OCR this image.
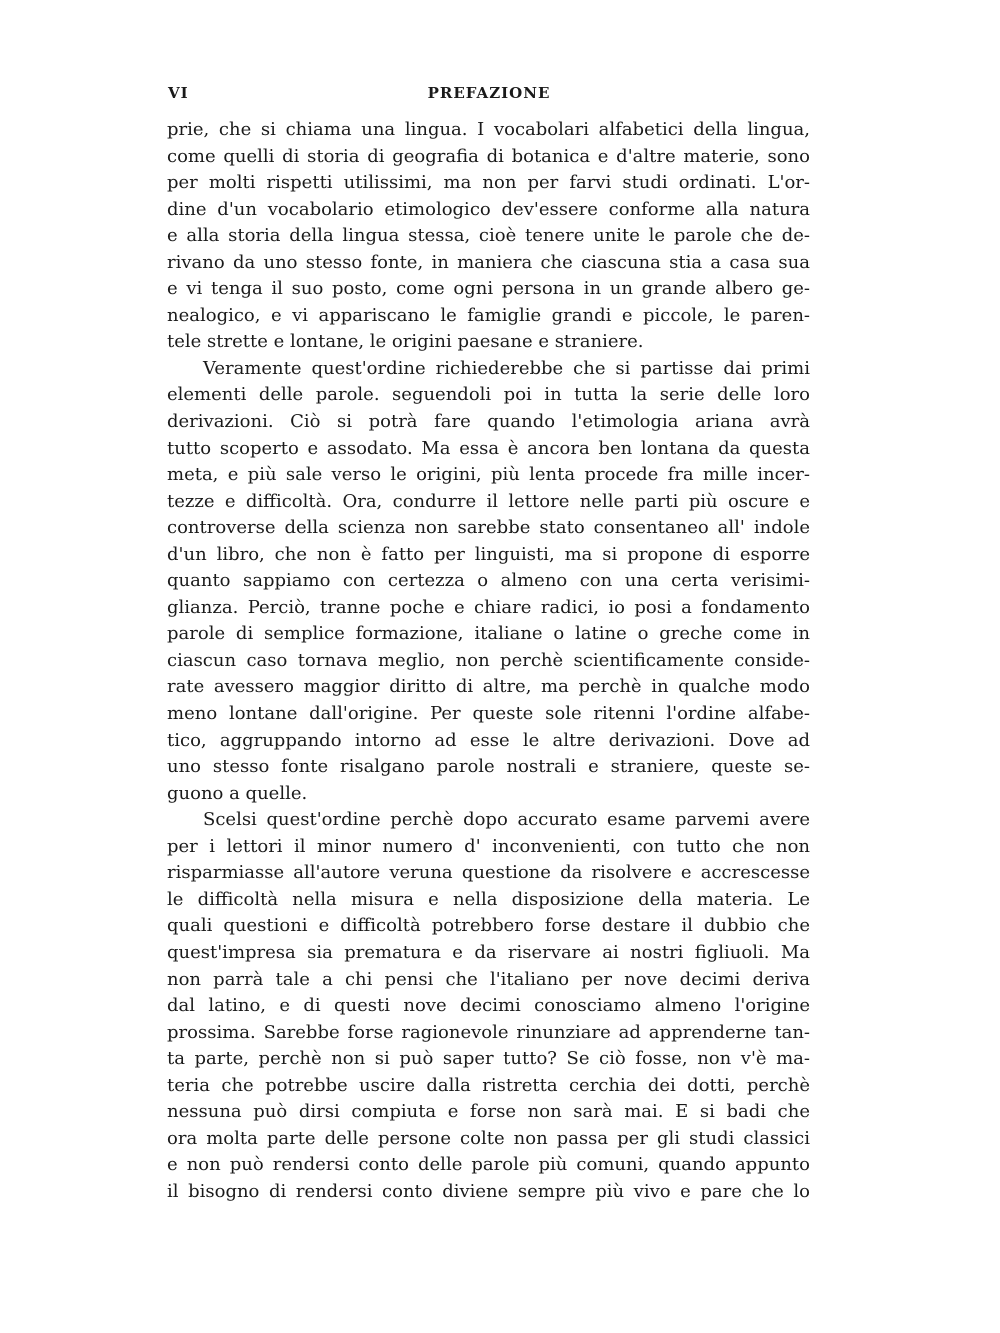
VI	PREFAZIONE
prie, che si chiama una lingua. I vocabolari alfabetici della lingua,
come quelli di storia di geografia di botanica e d'altre materie, sono
per molti rispetti utilissimi, ma non per farvi studi ordinati. L'or-
dine d'un vocabolario etimologico dev'essere conforme alla natura
e alla storia della lingua stessa, cioè tenere unite le parole che de-
rivano da uno stesso fonte, in maniera che ciascuna stia a casa sua
e vi tenga il suo posto, come ogni persona in un grande albero ge-
nealogico, e vi appariscano le famiglie grandi e piccole, le paren-
tele strette e lontane, le origini paesane e straniere.
Veramente quest'ordine richiederebbe che si partisse dai primi
elementi delle parole. seguendoli poi in tutta la serie delle loro
derivazioni. Ciò si potrà fare quando l'etimologia ariana avrà
tutto scoperto e assodato. Ma essa è ancora ben lontana da questa
meta, e più sale verso le origini, più lenta procede fra mille incer-
tezze e difficoltà. Ora, condurre il lettore nelle parti più oscure e
controverse della scienza non sarebbe stato consentaneo all' indole
d'un libro, che non è fatto per linguisti, ma si propone di esporre
quanto sappiamo con certezza o almeno con una certa verisimi-
glianza. Perciò, tranne poche e chiare radici, io posi a fondamento
parole di semplice formazione, italiane o latine o greche come in
ciascun caso tornava meglio, non perchè scientificamente conside-
rate avessero maggior diritto di altre, ma perchè in qualche modo
meno lontane dall'origine. Per queste sole ritenni l'ordine alfabe-
tico, aggruppando intorno ad esse le altre derivazioni. Dove ad
uno stesso fonte risalgano parole nostrali e straniere, queste se-
guono a quelle.
Scelsi quest'ordine perchè dopo accurato esame parvemi avere
per i lettori il minor numero d' inconvenienti, con tutto che non
risparmiasse all'autore veruna questione da risolvere e accrescesse
le difficoltà nella misura e nella disposizione della materia. Le
quali questioni e difficoltà potrebbero forse destare il dubbio che
quest'impresa sia prematura e da riservare ai nostri figliuoli. Ma
non parrà tale a chi pensi che l'italiano per nove decimi deriva
dal latino, e di questi nove decimi conosciamo almeno l'origine
prossima. Sarebbe forse ragionevole rinunziare ad apprenderne tan-
ta parte, perchè non si può saper tutto? Se ciò fosse, non v'è ma-
teria che potrebbe uscire dalla ristretta cerchia dei dotti, perchè
nessuna può dirsi compiuta e forse non sarà mai. E si badi che
ora molta parte delle persone colte non passa per gli studi classici
e non può rendersi conto delle parole più comuni, quando appunto
il bisogno di rendersi conto diviene sempre più vivo e pare che lo
